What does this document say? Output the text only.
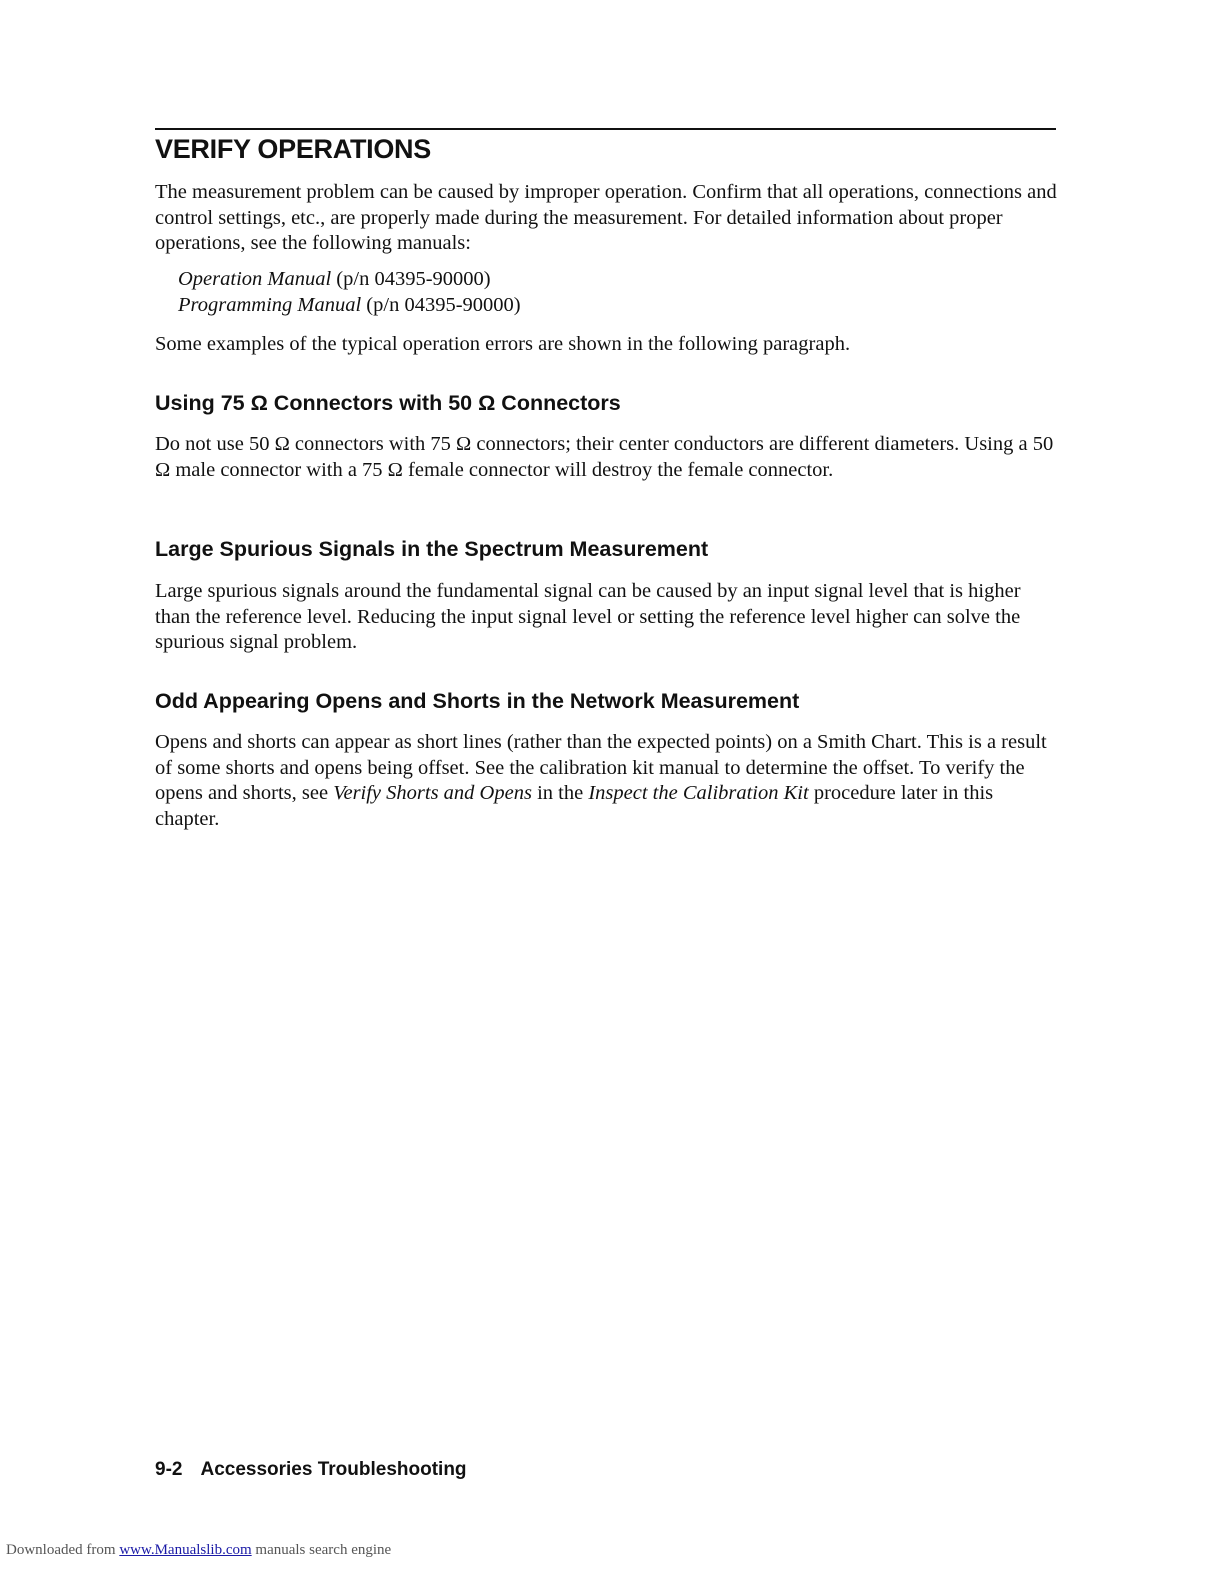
VERIFY OPERATIONS

The measurement problem can be caused by improper operation. Confirm that all operations, connections and control settings, etc., are properly made during the measurement. For detailed information about proper operations, see the following manuals:

Operation Manual (p/n 04395-90000)
Programming Manual (p/n 04395-90000)

Some examples of the typical operation errors are shown in the following paragraph.

Using 75 Ω Connectors with 50 Ω Connectors

Do not use 50 Ω connectors with 75 Ω connectors; their center conductors are different diameters. Using a 50 Ω male connector with a 75 Ω female connector will destroy the female connector.

Large Spurious Signals in the Spectrum Measurement

Large spurious signals around the fundamental signal can be caused by an input signal level that is higher than the reference level. Reducing the input signal level or setting the reference level higher can solve the spurious signal problem.

Odd Appearing Opens and Shorts in the Network Measurement

Opens and shorts can appear as short lines (rather than the expected points) on a Smith Chart. This is a result of some shorts and opens being offset. See the calibration kit manual to determine the offset. To verify the opens and shorts, see Verify Shorts and Opens in the Inspect the Calibration Kit procedure later in this chapter.

9-2 Accessories Troubleshooting
Downloaded from www.Manualslib.com manuals search engine
